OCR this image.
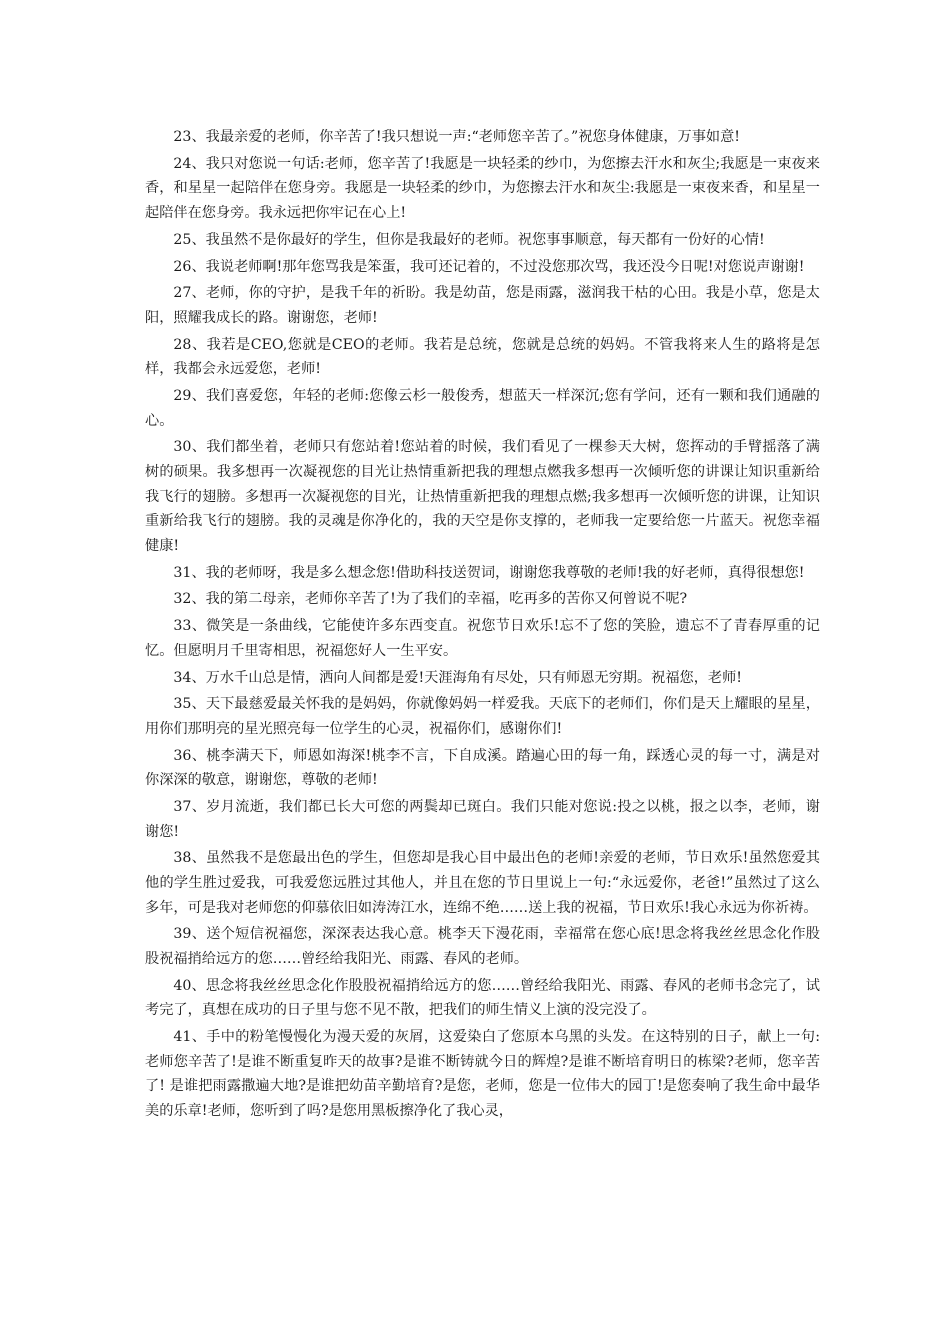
23、我最亲爱的老师，你辛苦了!我只想说一声:“老师您辛苦了。”祝您身体健康，万事如意!

24、我只对您说一句话:老师，您辛苦了!我愿是一块轻柔的纱巾，为您擦去汗水和灰尘;我愿是一束夜来香，和星星一起陪伴在您身旁。我愿是一块轻柔的纱巾，为您擦去汗水和灰尘:我愿是一束夜来香，和星星一起陪伴在您身旁。我永远把你牢记在心上!

25、我虽然不是你最好的学生，但你是我最好的老师。祝您事事顺意，每天都有一份好的心情!

26、我说老师啊!那年您骂我是笨蛋，我可还记着的，不过没您那次骂，我还没今日呢!对您说声谢谢!

27、老师，你的守护，是我千年的祈盼。我是幼苗，您是雨露，滋润我干枯的心田。我是小草，您是太阳，照耀我成长的路。谢谢您，老师!

28、我若是CEO,您就是CEO的老师。我若是总统，您就是总统的妈妈。不管我将来人生的路将是怎样，我都会永远爱您，老师!

29、我们喜爱您，年轻的老师:您像云杉一般俊秀，想蓝天一样深沉;您有学问，还有一颗和我们通融的心。

30、我们都坐着，老师只有您站着!您站着的时候，我们看见了一棵参天大树，您挥动的手臂摇落了满树的硕果。我多想再一次凝视您的目光让热情重新把我的理想点燃我多想再一次倾听您的讲课让知识重新给我飞行的翅膀。多想再一次凝视您的目光，让热情重新把我的理想点燃;我多想再一次倾听您的讲课，让知识重新给我飞行的翅膀。我的灵魂是你净化的，我的天空是你支撑的，老师我一定要给您一片蓝天。祝您幸福健康!

31、我的老师呀，我是多么想念您!借助科技送贺词，谢谢您我尊敬的老师!我的好老师，真得很想您!

32、我的第二母亲，老师你辛苦了!为了我们的幸福，吃再多的苦你又何曾说不呢?

33、微笑是一条曲线，它能使许多东西变直。祝您节日欢乐!忘不了您的笑脸，遗忘不了青春厚重的记忆。但愿明月千里寄相思，祝福您好人一生平安。

34、万水千山总是情，洒向人间都是爱!天涯海角有尽处，只有师恩无穷期。祝福您，老师!

35、天下最慈爱最关怀我的是妈妈，你就像妈妈一样爱我。天底下的老师们，你们是天上耀眼的星星，用你们那明亮的星光照亮每一位学生的心灵，祝福你们，感谢你们!

36、桃李满天下，师恩如海深!桃李不言，下自成溪。踏遍心田的每一角，踩透心灵的每一寸，满是对你深深的敬意，谢谢您，尊敬的老师!

37、岁月流逝，我们都已长大可您的两鬓却已斑白。我们只能对您说:投之以桃，报之以李，老师，谢谢您!

38、虽然我不是您最出色的学生，但您却是我心目中最出色的老师!亲爱的老师，节日欢乐!虽然您爱其他的学生胜过爱我，可我爱您远胜过其他人，并且在您的节日里说上一句:“永远爱你，老爸!”虽然过了这么多年，可是我对老师您的仰慕依旧如涛涛江水，连绵不绝……送上我的祝福，节日欢乐!我心永远为你祈祷。

39、送个短信祝福您，深深表达我心意。桃李天下漫花雨，幸福常在您心底!思念将我丝丝思念化作股股祝福捎给远方的您……曾经给我阳光、雨露、春风的老师。

40、思念将我丝丝思念化作股股祝福捎给远方的您……曾经给我阳光、雨露、春风的老师书念完了，试考完了，真想在成功的日子里与您不见不散，把我们的师生情义上演的没完没了。

41、手中的粉笔慢慢化为漫天爱的灰屑，这爱染白了您原本乌黑的头发。在这特别的日子，献上一句:老师您辛苦了!是谁不断重复昨天的故事?是谁不断铸就今日的辉煌?是谁不断培育明日的栋梁?老师，您辛苦了! 是谁把雨露撒遍大地?是谁把幼苗辛勤培育?是您，老师，您是一位伟大的园丁!是您奏响了我生命中最华美的乐章!老师，您听到了吗?是您用黑板擦净化了我心灵，
